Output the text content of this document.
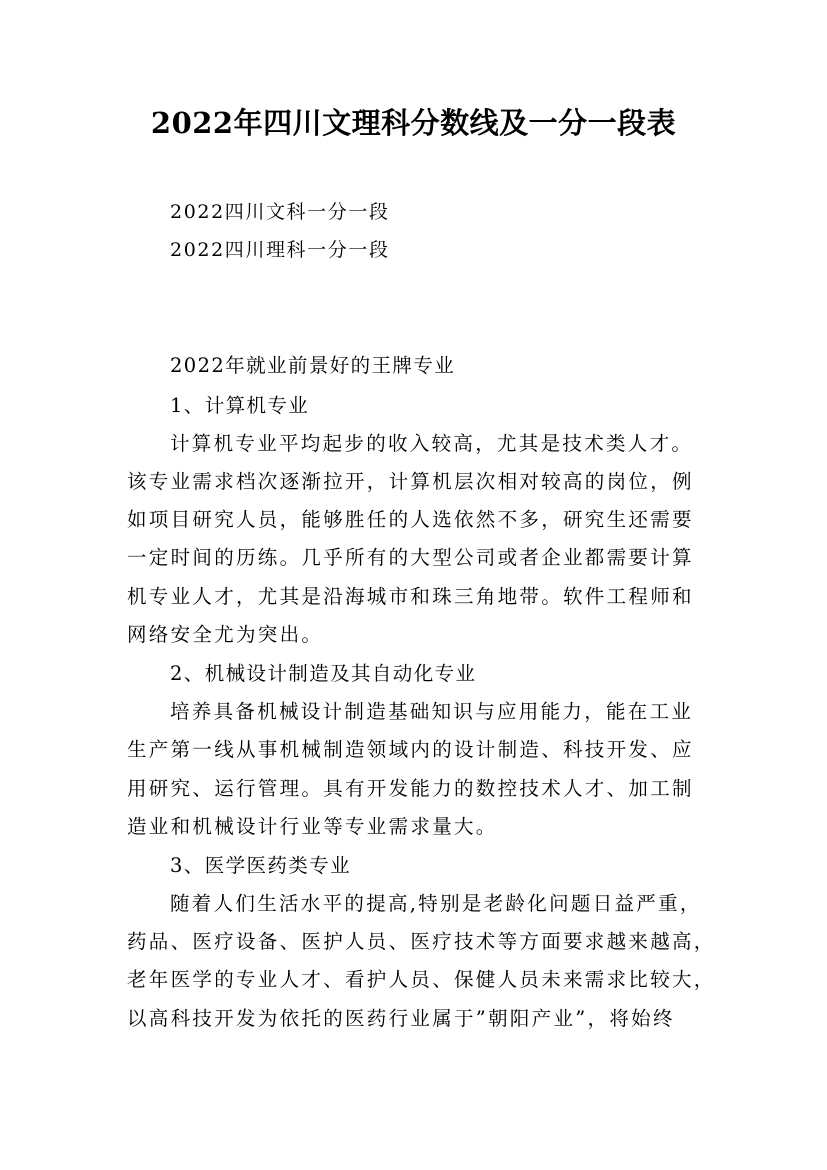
2022年四川文理科分数线及一分一段表
2022四川文科一分一段
2022四川理科一分一段
2022年就业前景好的王牌专业
1、计算机专业
计算机专业平均起步的收入较高，尤其是技术类人才。
该专业需求档次逐渐拉开，计算机层次相对较高的岗位，例
如项目研究人员，能够胜任的人选依然不多，研究生还需要
一定时间的历练。几乎所有的大型公司或者企业都需要计算
机专业人才，尤其是沿海城市和珠三角地带。软件工程师和
网络安全尤为突出。
2、机械设计制造及其自动化专业
培养具备机械设计制造基础知识与应用能力，能在工业
生产第一线从事机械制造领域内的设计制造、科技开发、应
用研究、运行管理。具有开发能力的数控技术人才、加工制
造业和机械设计行业等专业需求量大。
3、医学医药类专业
随着人们生活水平的提高,特别是老龄化问题日益严重，
药品、医疗设备、医护人员、医疗技术等方面要求越来越高，
老年医学的专业人才、看护人员、保健人员未来需求比较大，
以高科技开发为依托的医药行业属于”朝阳产业”，将始终
